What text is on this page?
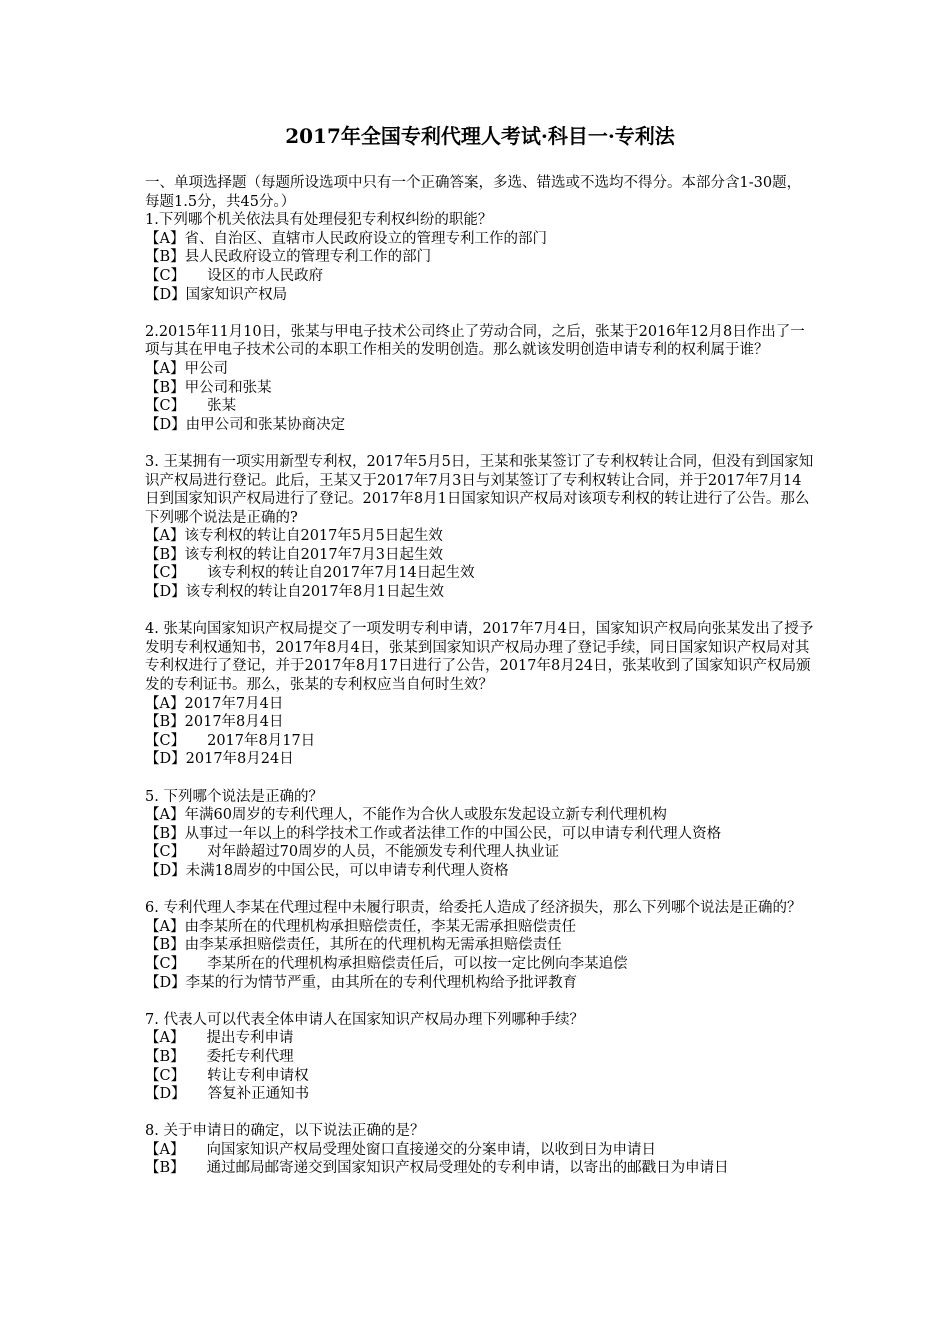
2017年全国专利代理人考试·科目一·专利法

一、单项选择题（每题所设选项中只有一个正确答案，多选、错选或不选均不得分。本部分含1-30题，每题1.5分，共45分。）

1.下列哪个机关依法具有处理侵犯专利权纠纷的职能？

【A】省、自治区、直辖市人民政府设立的管理专利工作的部门

【B】县人民政府设立的管理专利工作的部门

【C】 设区的市人民政府

【D】国家知识产权局

2.2015年11月10日，张某与甲电子技术公司终止了劳动合同，之后，张某于2016年12月8日作出了一项与其在甲电子技术公司的本职工作相关的发明创造。那么就该发明创造申请专利的权利属于谁？

【A】甲公司

【B】甲公司和张某

【C】 张某

【D】由甲公司和张某协商决定

3. 王某拥有一项实用新型专利权，2017年5月5日，王某和张某签订了专利权转让合同，但没有到国家知识产权局进行登记。此后，王某又于2017年7月3日与刘某签订了专利权转让合同，并于2017年7月14日到国家知识产权局进行了登记。2017年8月1日国家知识产权局对该项专利权的转让进行了公告。那么下列哪个说法是正确的?

【A】该专利权的转让自2017年5月5日起生效

【B】该专利权的转让自2017年7月3日起生效

【C】 该专利权的转让自2017年7月14日起生效

【D】该专利权的转让自2017年8月1日起生效

4. 张某向国家知识产权局提交了一项发明专利申请，2017年7月4日，国家知识产权局向张某发出了授予发明专利权通知书，2017年8月4日，张某到国家知识产权局办理了登记手续，同日国家知识产权局对其专利权进行了登记，并于2017年8月17日进行了公告，2017年8月24日，张某收到了国家知识产权局颁发的专利证书。那么，张某的专利权应当自何时生效？

【A】2017年7月4日

【B】2017年8月4日

【C】 2017年8月17日

【D】2017年8月24日

5. 下列哪个说法是正确的？

【A】年满60周岁的专利代理人，不能作为合伙人或股东发起设立新专利代理机构

【B】从事过一年以上的科学技术工作或者法律工作的中国公民，可以申请专利代理人资格

【C】 对年龄超过70周岁的人员，不能颁发专利代理人执业证

【D】未满18周岁的中国公民，可以申请专利代理人资格

6. 专利代理人李某在代理过程中未履行职责，给委托人造成了经济损失，那么下列哪个说法是正确的？

【A】由李某所在的代理机构承担赔偿责任，李某无需承担赔偿责任

【B】由李某承担赔偿责任，其所在的代理机构无需承担赔偿责任

【C】 李某所在的代理机构承担赔偿责任后，可以按一定比例向李某追偿

【D】李某的行为情节严重，由其所在的专利代理机构给予批评教育

7. 代表人可以代表全体申请人在国家知识产权局办理下列哪种手续？

【A】 提出专利申请

【B】 委托专利代理

【C】 转让专利申请权

【D】 答复补正通知书

8. 关于申请日的确定，以下说法正确的是？

【A】 向国家知识产权局受理处窗口直接递交的分案申请，以收到日为申请日

【B】 通过邮局邮寄递交到国家知识产权局受理处的专利申请，以寄出的邮戳日为申请日
